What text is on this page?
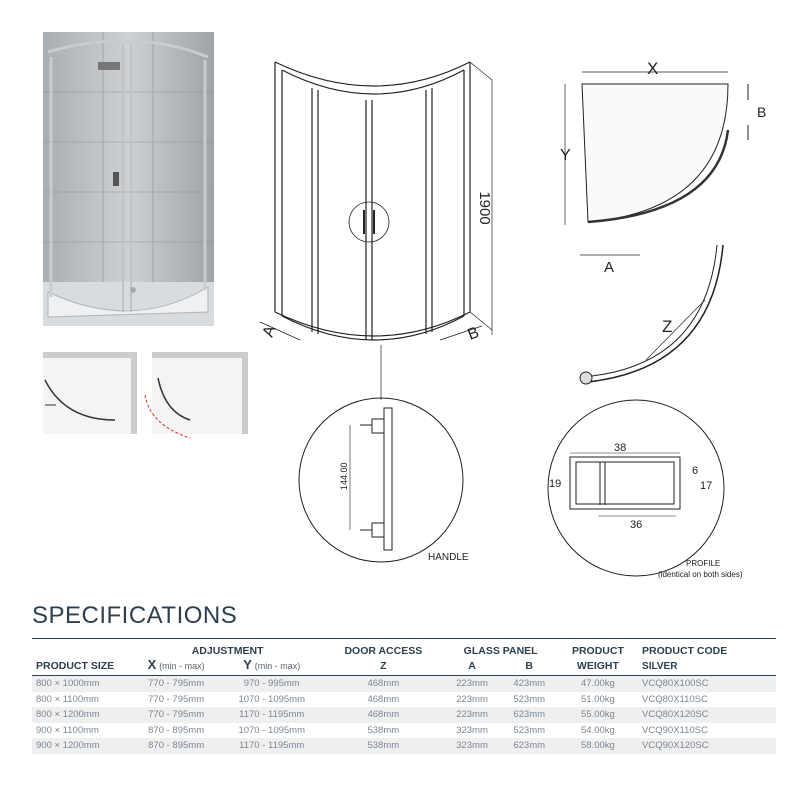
1900
A	B
X
Y
B
A
Z
144.00
HANDLE
38
19
6
17
36
PROFILE
(identical on both sides)
SPECIFICATIONS
PRODUCT SIZE	ADJUSTMENT		DOOR ACCESS	GLASS PANEL		PRODUCT	PRODUCT CODE
	X (min - max)	Y (min - max)	Z	A	B	WEIGHT	SILVER

800 × 1000mm	770 - 795mm	970 - 995mm	468mm	223mm	423mm	47.00kg	VCQ80X100SC
800 × 1100mm	770 - 795mm	1070 - 1095mm	468mm	223mm	523mm	51.00kg	VCQ80X110SC
800 × 1200mm	770 - 795mm	1170 - 1195mm	468mm	223mm	623mm	55.00kg	VCQ80X120SC
900 × 1100mm	870 - 895mm	1070 - 1095mm	538mm	323mm	523mm	54.00kg	VCQ90X110SC
900 × 1200mm	870 - 895mm	1170 - 1195mm	538mm	323mm	623mm	58.00kg	VCQ90X120SC
